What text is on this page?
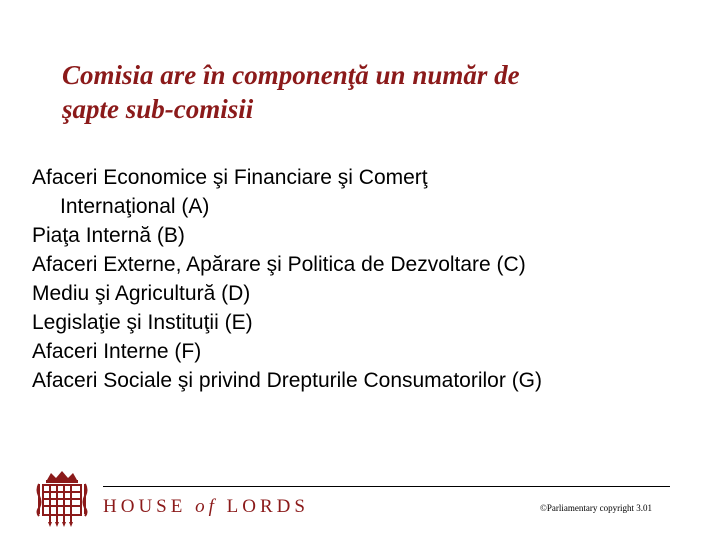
Comisia are în componenţă un număr de
şapte sub-comisii
Afaceri Economice şi Financiare şi Comerţ
Internaţional (A)
Piaţa Internă (B)
Afaceri Externe, Apărare şi Politica de Dezvoltare (C)
Mediu şi Agricultură (D)
Legislaţie şi Instituţii (E)
Afaceri Interne (F)
Afaceri Sociale şi privind Drepturile Consumatorilor (G)
HOUSE of LORDS	©Parliamentary copyright 3.01
